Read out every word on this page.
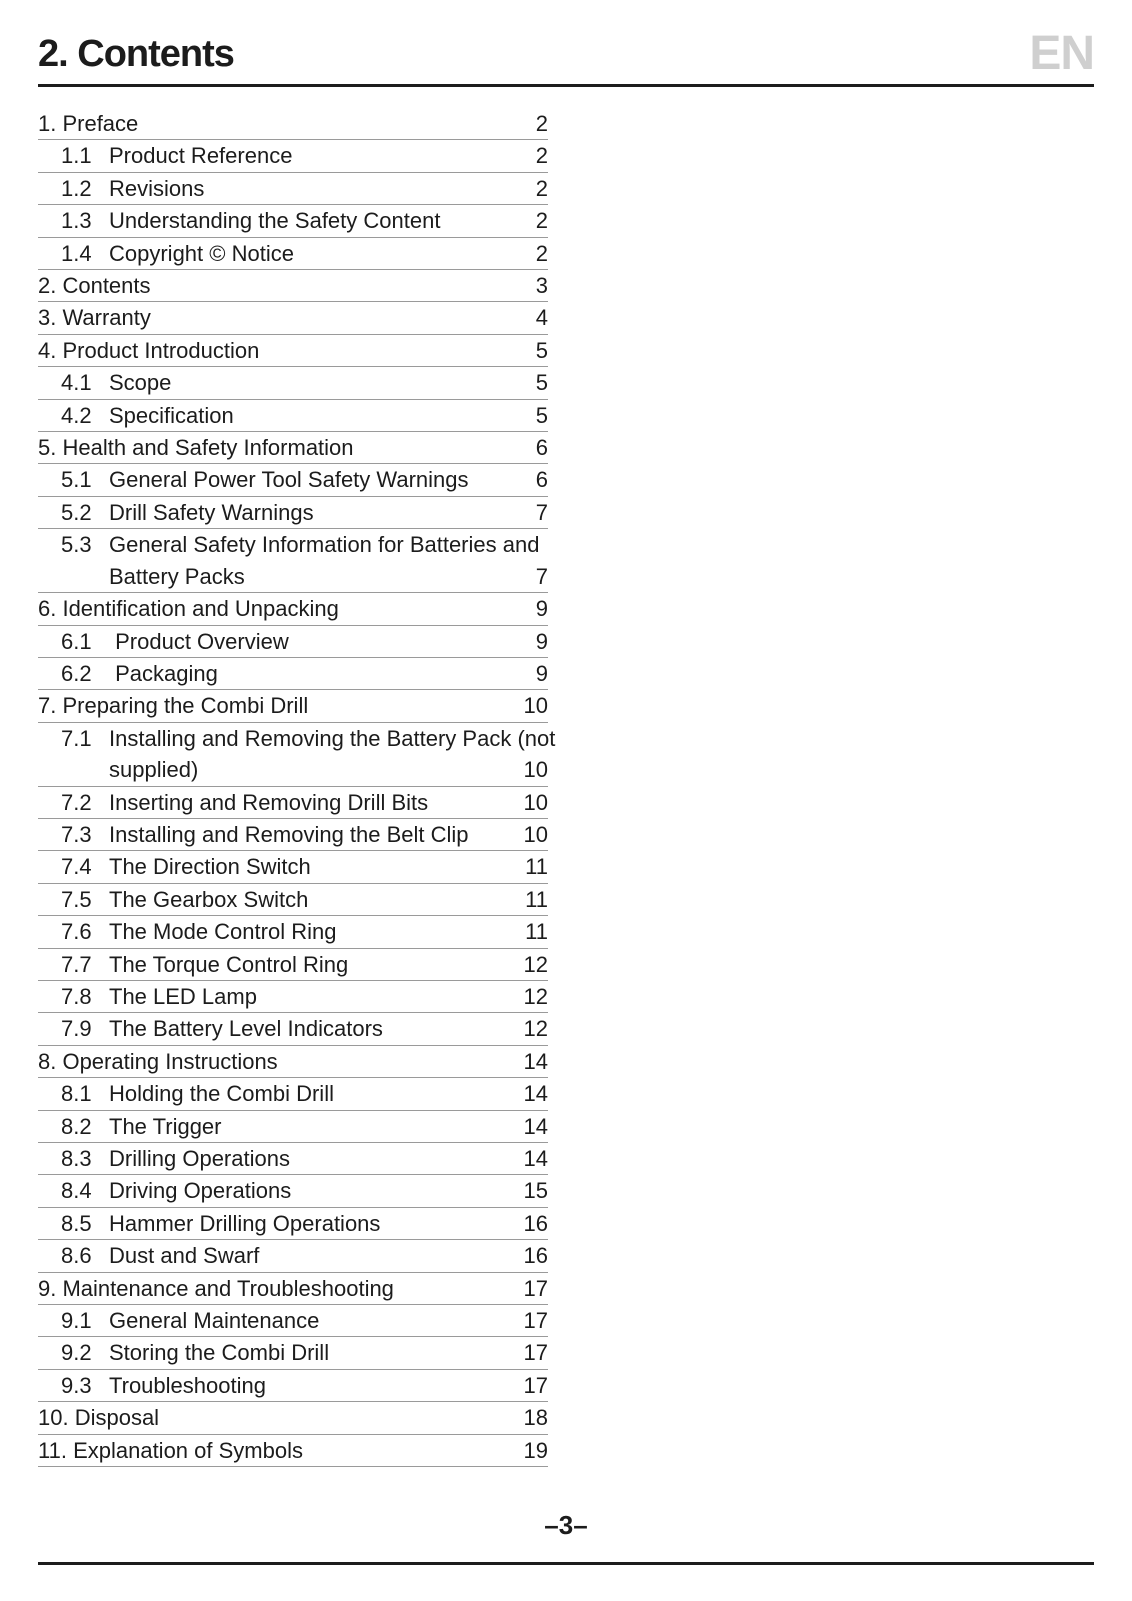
2. Contents	EN
1. Preface	2
1.1 Product Reference	2
1.2 Revisions	2
1.3 Understanding the Safety Content	2
1.4 Copyright © Notice	2
2. Contents	3
3. Warranty	4
4. Product Introduction	5
4.1 Scope	5
4.2 Specification	5
5. Health and Safety Information	6
5.1 General Power Tool Safety Warnings	6
5.2 Drill Safety Warnings	7
5.3 General Safety Information for Batteries and
Battery Packs	7
6. Identification and Unpacking	9
6.1 Product Overview	9
6.2 Packaging	9
7. Preparing the Combi Drill	10
7.1 Installing and Removing the Battery Pack (not
supplied)	10
7.2 Inserting and Removing Drill Bits	10
7.3 Installing and Removing the Belt Clip	10
7.4 The Direction Switch	11
7.5 The Gearbox Switch	11
7.6 The Mode Control Ring	11
7.7 The Torque Control Ring	12
7.8 The LED Lamp	12
7.9 The Battery Level Indicators	12
8. Operating Instructions	14
8.1 Holding the Combi Drill	14
8.2 The Trigger	14
8.3 Drilling Operations	14
8.4 Driving Operations	15
8.5 Hammer Drilling Operations	16
8.6 Dust and Swarf	16
9. Maintenance and Troubleshooting	17
9.1 General Maintenance	17
9.2 Storing the Combi Drill	17
9.3 Troubleshooting	17
10. Disposal	18
11. Explanation of Symbols	19
–3–
